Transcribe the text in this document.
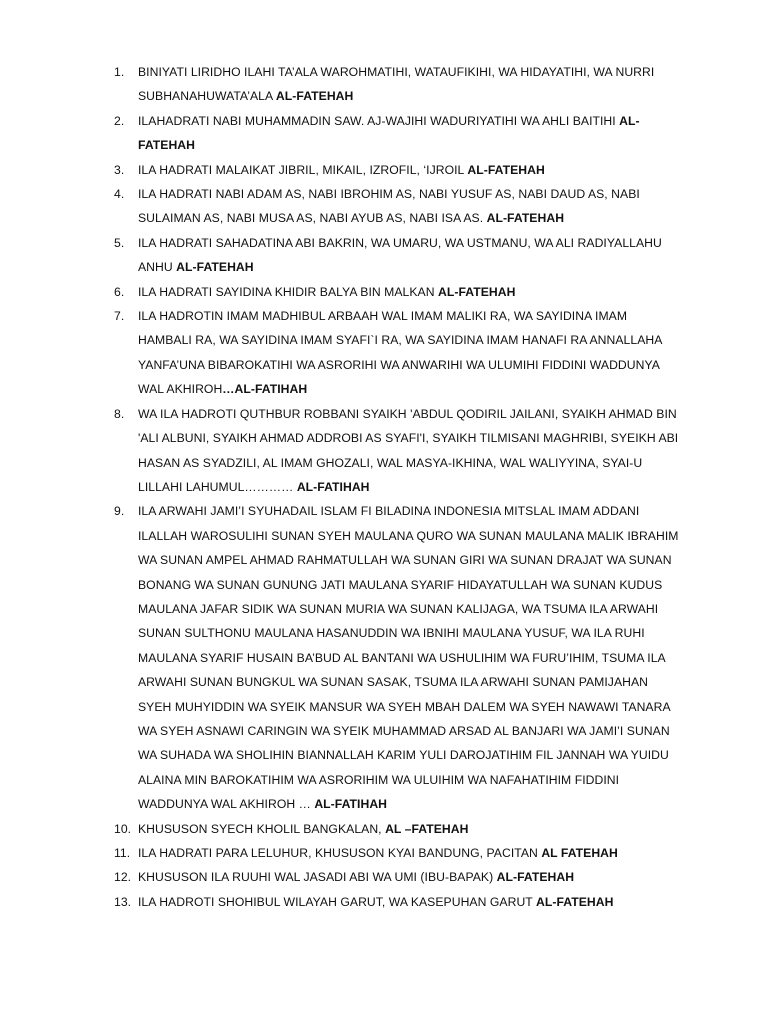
1. BINIYATI LIRIDHO ILAHI TA’ALA WAROHMATIHI, WATAUFIKIHI, WA HIDAYATIHI, WA NURRI SUBHANAHUWATA’ALA AL-FATEHAH
2. ILAHADRATI NABI MUHAMMADIN SAW. AJ-WAJIHI WADURIYATIHI WA AHLI BAITIHI AL-FATEHAH
3. ILA HADRATI MALAIKAT JIBRIL, MIKAIL, IZROFIL, ‘IJROIL AL-FATEHAH
4. ILA HADRATI NABI ADAM AS, NABI IBROHIM AS, NABI YUSUF AS, NABI DAUD AS, NABI SULAIMAN AS, NABI MUSA AS, NABI AYUB AS, NABI ISA AS. AL-FATEHAH
5. ILA HADRATI SAHADATINA ABI BAKRIN, WA UMARU, WA USTMANU, WA ALI RADIYALLAHU ANHU AL-FATEHAH
6. ILA HADRATI SAYIDINA KHIDIR BALYA BIN MALKAN AL-FATEHAH
7. ILA HADROTIN IMAM MADHIBUL ARBAAH WAL IMAM MALIKI RA, WA SAYIDINA IMAM HAMBALI RA, WA SAYIDINA IMAM SYAFI`I RA, WA SAYIDINA IMAM HANAFI RA ANNALLAHA YANFA’UNA BIBAROKATIHI WA ASRORIHI WA ANWARIHI WA ULUMIHI FIDDINI WADDUNYA WAL AKHIROH…AL-FATIHAH
8. WA ILA HADROTI QUTHBUR ROBBANI SYAIKH 'ABDUL QODIRIL JAILANI, SYAIKH AHMAD BIN 'ALI ALBUNI, SYAIKH AHMAD ADDROBI AS SYAFI'I, SYAIKH TILMISANI MAGHRIBI, SYEIKH ABI HASAN AS SYADZILI, AL IMAM GHOZALI, WAL MASYA-IKHINA, WAL WALIYYINA, SYAI-U LILLAHI LAHUMUL………… AL-FATIHAH
9. ILA ARWAHI JAMI’I SYUHADAIL ISLAM FI BILADINA INDONESIA MITSLAL IMAM ADDANI ILALLAH WAROSULIHI SUNAN SYEH MAULANA QURO WA SUNAN MAULANA MALIK IBRAHIM WA SUNAN AMPEL AHMAD RAHMATULLAH WA SUNAN GIRI WA SUNAN DRAJAT WA SUNAN BONANG WA SUNAN GUNUNG JATI MAULANA SYARIF HIDAYATULLAH WA SUNAN KUDUS MAULANA JAFAR SIDIK WA SUNAN MURIA WA SUNAN KALIJAGA, WA TSUMA ILA ARWAHI SUNAN SULTHONU MAULANA HASANUDDIN WA IBNIHI MAULANA YUSUF, WA ILA RUHI MAULANA SYARIF HUSAIN BA’BUD AL BANTANI WA USHULIHIM WA FURU’IHIM, TSUMA ILA ARWAHI SUNAN BUNGKUL WA SUNAN SASAK, TSUMA ILA ARWAHI SUNAN PAMIJAHAN SYEH MUHYIDDIN WA SYEIK MANSUR WA SYEH MBAH DALEM WA SYEH NAWAWI TANARA WA SYEH ASNAWI CARINGIN WA SYEIK MUHAMMAD ARSAD AL BANJARI WA JAMI’I SUNAN WA SUHADA WA SHOLIHIN BIANNALLAH KARIM YULI DAROJATIHIM FIL JANNAH WA YUIDU ALAINA MIN BAROKATIHIM WA ASRORIHIM WA ULUIHIM WA NAFAHATIHIM FIDDINI WADDUNYA WAL AKHIROH … AL-FATIHAH
10. KHUSUSON SYECH KHOLIL BANGKALAN, AL –FATEHAH
11. ILA HADRATI PARA LELUHUR, KHUSUSON KYAI BANDUNG, PACITAN AL FATEHAH
12. KHUSUSON ILA RUUHI WAL JASADI ABI WA UMI (IBU-BAPAK) AL-FATEHAH
13. ILA HADROTI SHOHIBUL WILAYAH GARUT, WA KASEPUHAN GARUT AL-FATEHAH
